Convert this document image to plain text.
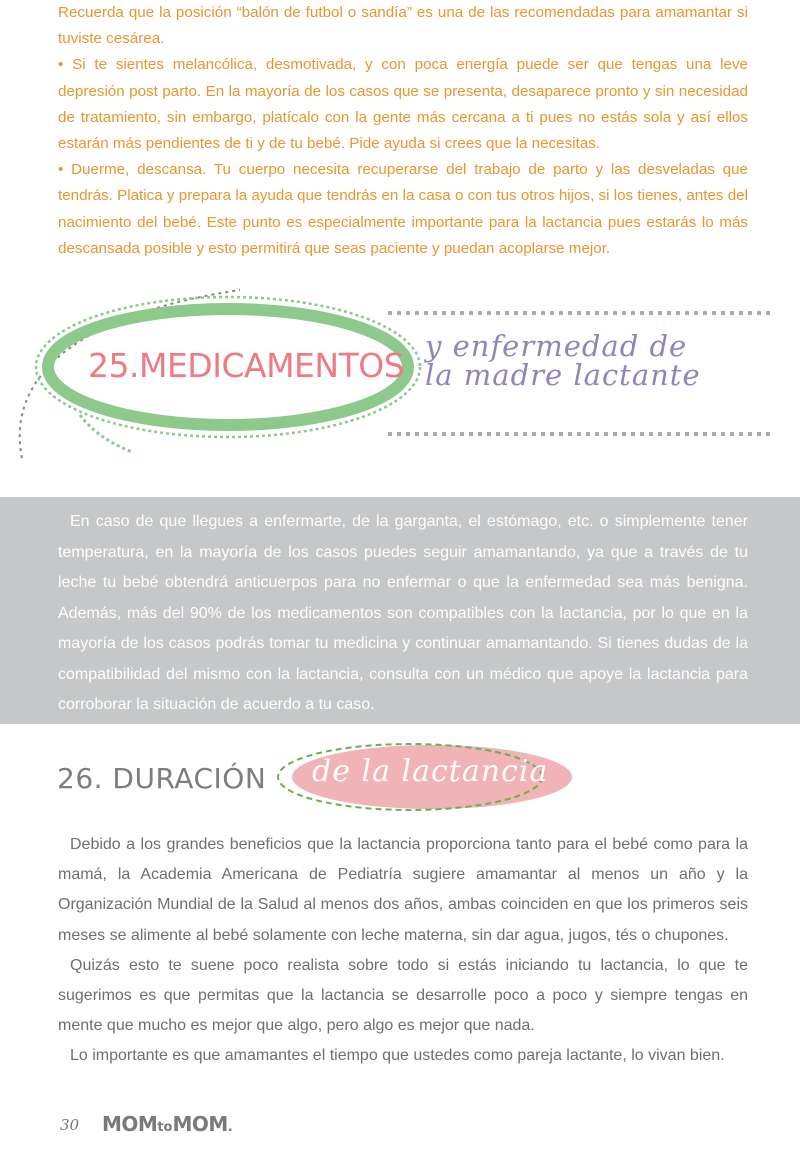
Recuerda que la posición “balón de futbol o sandía” es una de las recomendadas para amamantar si tuviste cesárea.

• Si te sientes melancólica, desmotivada, y con poca energía puede ser que tengas una leve depresión post parto. En la mayoría de los casos que se presenta, desaparece pronto y sin necesidad de tratamiento, sin embargo, platícalo con la gente más cercana a ti pues no estás sola y así ellos estarán más pendientes de ti y de tu bebé. Pide ayuda si crees que la necesitas.

• Duerme, descansa. Tu cuerpo necesita recuperarse del trabajo de parto y las desveladas que tendrás. Platica y prepara la ayuda que tendrás en la casa o con tus otros hijos, si los tienes, antes del nacimiento del bebé. Este punto es especialmente importante para la lactancia pues estarás lo más descansada posible y esto permitirá que seas paciente y puedan acoplarse mejor.

25.MEDICAMENTOS y enfermedad de
la madre lactante

En caso de que llegues a enfermarte, de la garganta, el estómago, etc. o simplemente tener temperatura, en la mayoría de los casos puedes seguir amamantando, ya que a través de tu leche tu bebé obtendrá anticuerpos para no enfermar o que la enfermedad sea más benigna. Además, más del 90% de los medicamentos son compatibles con la lactancia, por lo que en la mayoría de los casos podrás tomar tu medicina y continuar amamantando. Si tienes dudas de la compatibilidad del mismo con la lactancia, consulta con un médico que apoye la lactancia para corroborar la situación de acuerdo a tu caso.

26. DURACIÓN de la lactancia

Debido a los grandes beneficios que la lactancia proporciona tanto para el bebé como para la mamá, la Academia Americana de Pediatría sugiere amamantar al menos un año y la Organización Mundial de la Salud al menos dos años, ambas coinciden en que los primeros seis meses se alimente al bebé solamente con leche materna, sin dar agua, jugos, tés o chupones.

Quizás esto te suene poco realista sobre todo si estás iniciando tu lactancia, lo que te sugerimos es que permitas que la lactancia se desarrolle poco a poco y siempre tengas en mente que mucho es mejor que algo, pero algo es mejor que nada.

Lo importante es que amamantes el tiempo que ustedes como pareja lactante, lo vivan bien.

30 MOMtoMOM.
